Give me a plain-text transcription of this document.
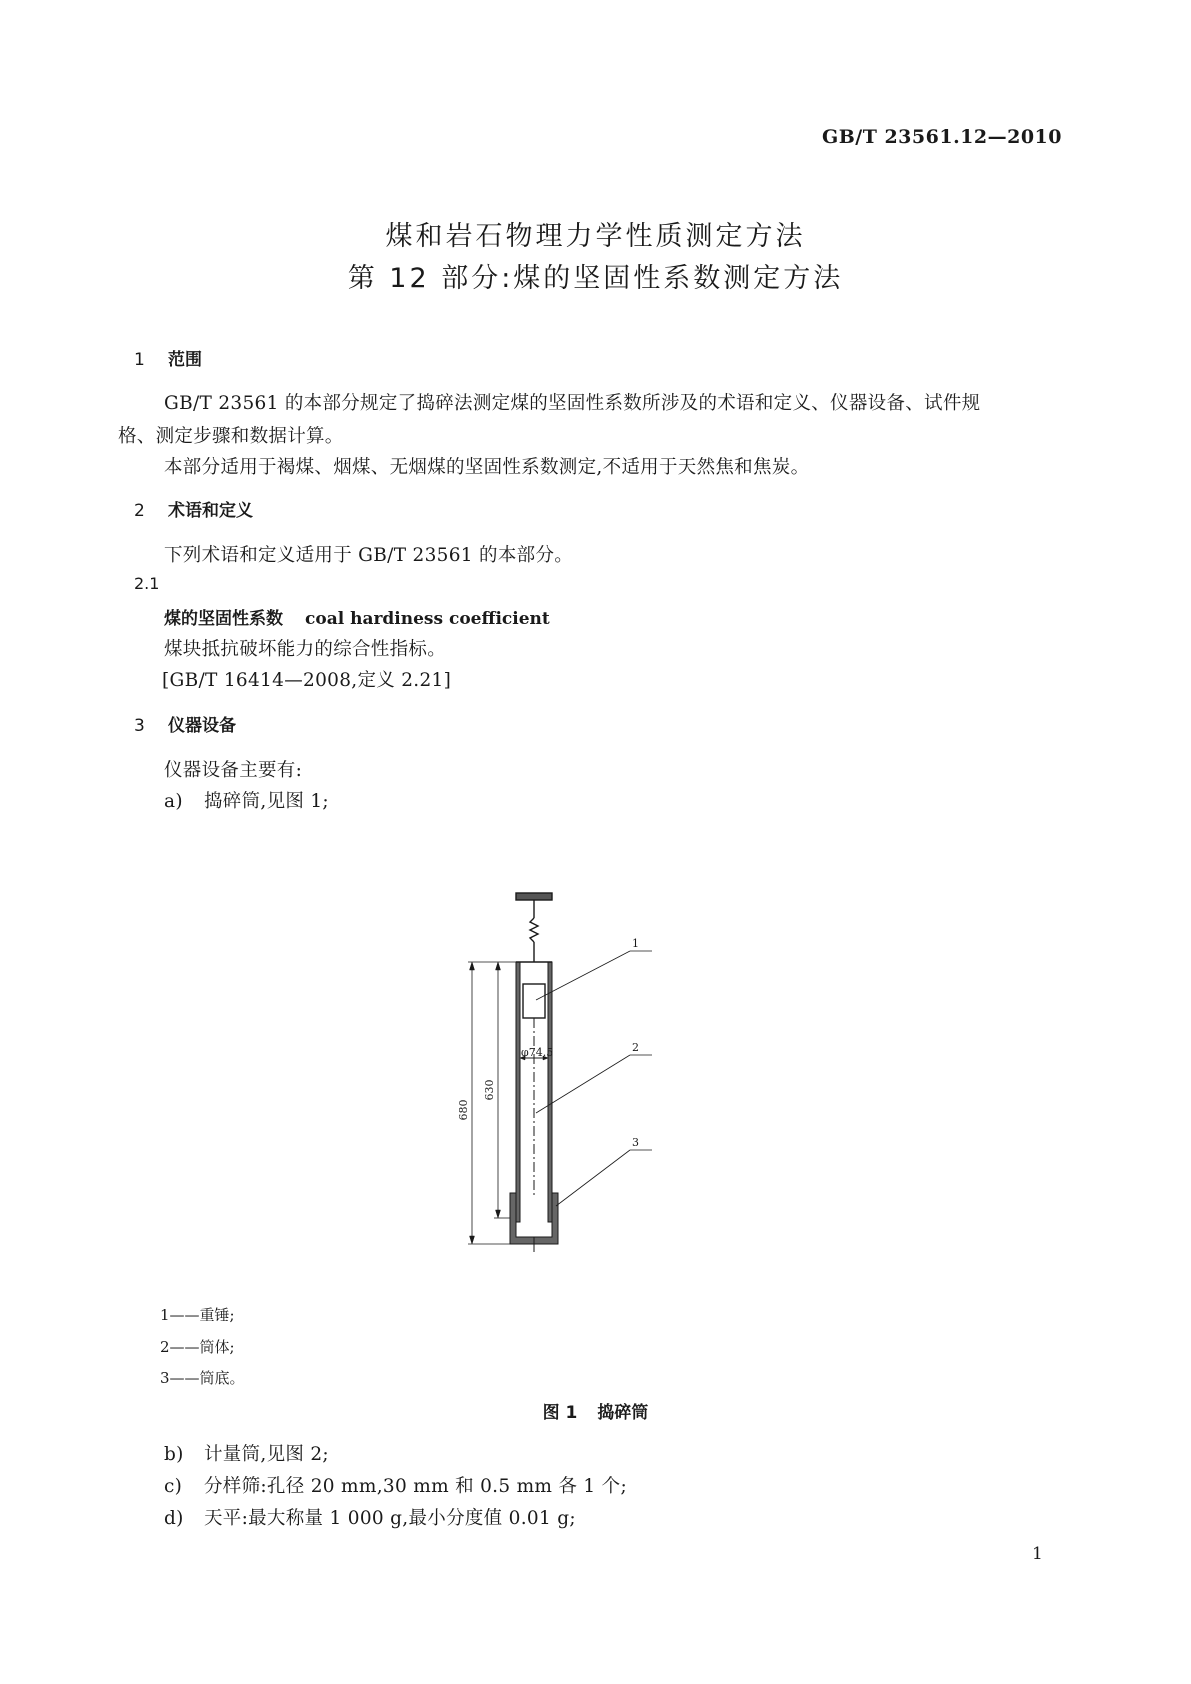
GB/T 23561.12—2010
煤和岩石物理力学性质测定方法
第 12 部分:煤的坚固性系数测定方法
1 范围
GB/T 23561 的本部分规定了捣碎法测定煤的坚固性系数所涉及的术语和定义、仪器设备、试件规
格、测定步骤和数据计算。
本部分适用于褐煤、烟煤、无烟煤的坚固性系数测定,不适用于天然焦和焦炭。
2 术语和定义
下列术语和定义适用于 GB/T 23561 的本部分。
2.1
煤的坚固性系数 coal hardiness coefficient
煤块抵抗破坏能力的综合性指标。
[GB/T 16414—2008,定义 2.21]
3 仪器设备
仪器设备主要有:
a) 捣碎筒,见图 1;
680
630
φ74.5
1
2
3
1——重锤;
2——筒体;
3——筒底。
图 1 捣碎筒
b) 计量筒,见图 2;
c) 分样筛:孔径 20 mm,30 mm 和 0.5 mm 各 1 个;
d) 天平:最大称量 1 000 g,最小分度值 0.01 g;
1
